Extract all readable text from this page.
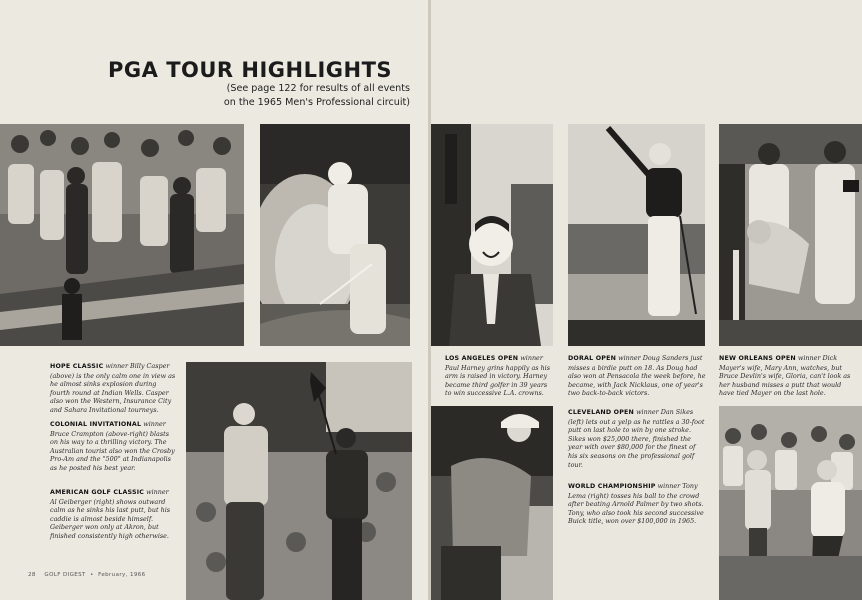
PGA TOUR HIGHLIGHTS
(See page 122 for results of all events
on the 1965 Men's Professional circuit)
HOPE CLASSIC winner Billy Casper (above) is the only calm one in view as he almost sinks explosion during fourth round at Indian Wells. Casper also won the Western, Insurance City and Sahara Invitational tourneys.
COLONIAL INVITATIONAL winner Bruce Crampton (above-right) blasts on his way to a thrilling victory. The Australian tourist also won the Crosby Pro-Am and the "500" at Indianapolis as he posted his best year.
AMERICAN GOLF CLASSIC winner Al Geiberger (right) shows outward calm as he sinks his last putt, but his caddie is almost beside himself. Geiberger won only at Akron, but finished consistently high otherwise.
28 GOLF DIGEST • February, 1966
LOS ANGELES OPEN winner Paul Harney grins happily as his arm is raised in victory. Harney became third golfer in 39 years to win successive L.A. crowns.
DORAL OPEN winner Doug Sanders just misses a birdie putt on 18. As Doug had also won at Pensacola the week before, he became, with Jack Nicklaus, one of year's two back-to-back victors.
NEW ORLEANS OPEN winner Dick Mayer's wife, Mary Ann, watches, but Bruce Devlin's wife, Gloria, can't look as her husband misses a putt that would have tied Mayer on the last hole.
CLEVELAND OPEN winner Dan Sikes (left) lets out a yelp as he rattles a 30-foot putt on last hole to win by one stroke. Sikes won $25,000 there, finished the year with over $80,000 for the finest of his six seasons on the professional golf tour.
WORLD CHAMPIONSHIP winner Tony Lema (right) tosses his ball to the crowd after beating Arnold Palmer by two shots. Tony, who also took his second successive Buick title, won over $100,000 in 1965.
